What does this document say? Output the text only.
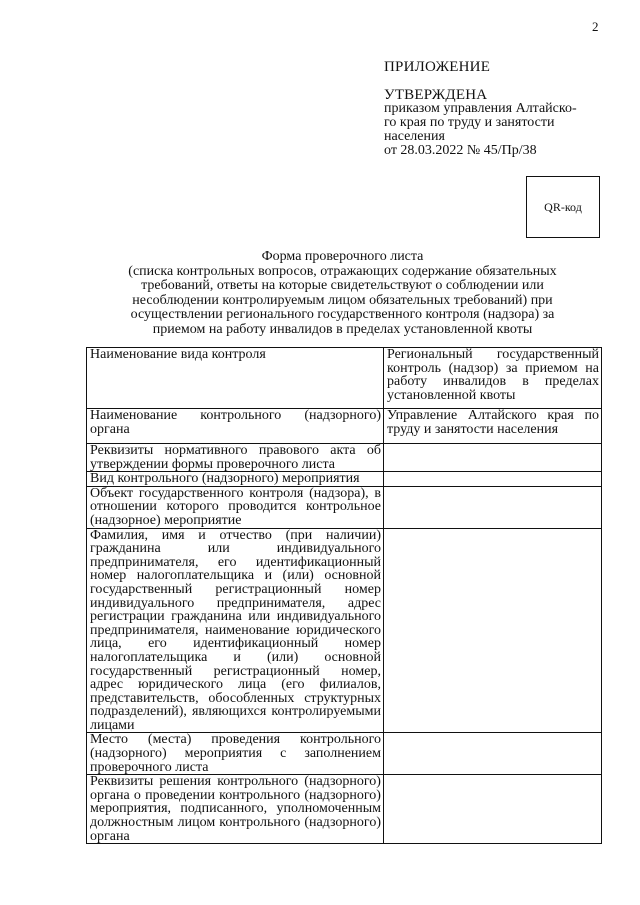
2
ПРИЛОЖЕНИЕ
УТВЕРЖДЕНА
приказом управления Алтайско-
го края по труду и занятости
населения
от 28.03.2022 № 45/Пр/38
QR-код
Форма проверочного листа
(списка контрольных вопросов, отражающих содержание обязательных
требований, ответы на которые свидетельствуют о соблюдении или
несоблюдении контролируемым лицом обязательных требований) при
осуществлении регионального государственного контроля (надзора) за
приемом на работу инвалидов в пределах установленной квоты
Наименование вида контроля	Региональный государственный контроль (надзор) за приемом на работу инвалидов в пределах установленной квоты
Наименование контрольного (надзорного) органа	Управление Алтайского края по труду и занятости населения
Реквизиты нормативного правового акта об утверждении формы проверочного листа	
Вид контрольного (надзорного) мероприятия	
Объект государственного контроля (надзора), в отношении которого проводится контрольное (надзорное) мероприятие	
Фамилия, имя и отчество (при наличии) гражданина или индивидуального предпринимателя, его идентификационный номер налогоплательщика и (или) основной государственный регистрационный номер индивидуального предпринимателя, адрес регистрации гражданина или индивидуального предпринимателя, наименование юридического лица, его идентификационный номер налогоплательщика и (или) основной государственный регистрационный номер, адрес юридического лица (его филиалов, представительств, обособленных структурных подразделений), являющихся контролируемыми лицами	
Место (места) проведения контрольного (надзорного) мероприятия с заполнением проверочного листа	
Реквизиты решения контрольного (надзорного) органа о проведении контрольного (надзорного) мероприятия, подписанного, уполномоченным должностным лицом контрольного (надзорного) органа	
